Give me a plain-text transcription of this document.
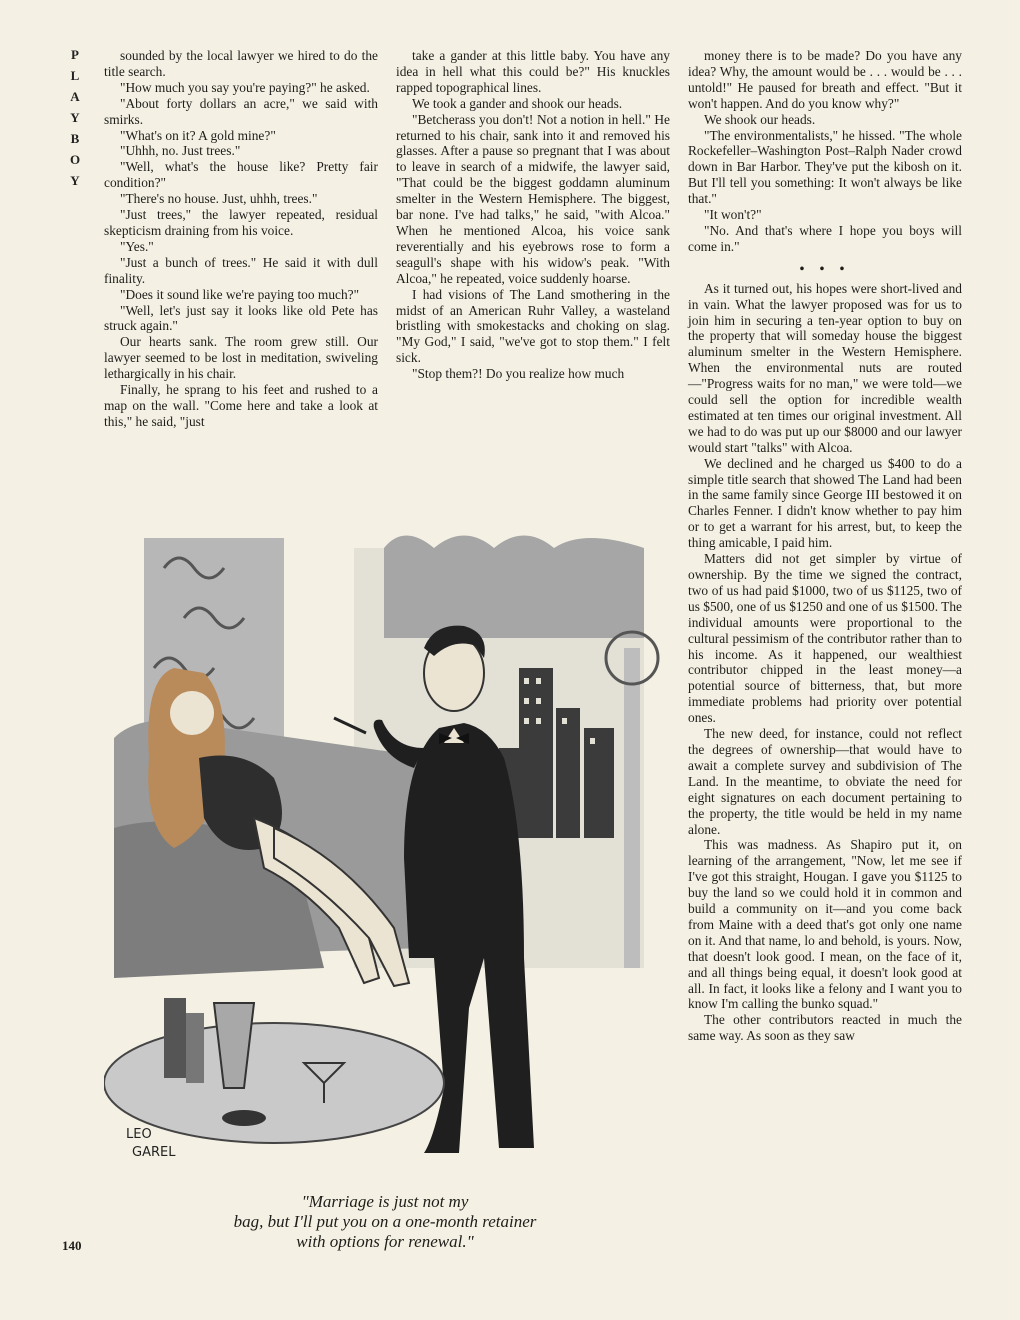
P
L
A
Y
B
O
Y

sounded by the local lawyer we hired to do the title search.

"How much you say you're paying?" he asked.

"About forty dollars an acre," we said with smirks.

"What's on it? A gold mine?"

"Uhhh, no. Just trees."

"Well, what's the house like? Pretty fair condition?"

"There's no house. Just, uhhh, trees."

"Just trees," the lawyer repeated, residual skepticism draining from his voice.

"Yes."

"Just a bunch of trees." He said it with dull finality.

"Does it sound like we're paying too much?"

"Well, let's just say it looks like old Pete has struck again."

Our hearts sank. The room grew still. Our lawyer seemed to be lost in meditation, swiveling lethargically in his chair.

Finally, he sprang to his feet and rushed to a map on the wall. "Come here and take a look at this," he said, "just

take a gander at this little baby. You have any idea in hell what this could be?" His knuckles rapped topographical lines.

We took a gander and shook our heads.

"Betcherass you don't! Not a notion in hell." He returned to his chair, sank into it and removed his glasses. After a pause so pregnant that I was about to leave in search of a midwife, the lawyer said, "That could be the biggest goddamn aluminum smelter in the Western Hemisphere. The biggest, bar none. I've had talks," he said, "with Alcoa." When he mentioned Alcoa, his voice sank reverentially and his eyebrows rose to form a seagull's shape with his widow's peak. "With Alcoa," he repeated, voice suddenly hoarse.

I had visions of The Land smothering in the midst of an American Ruhr Valley, a wasteland bristling with smokestacks and choking on slag. "My God," I said, "we've got to stop them." I felt sick.

"Stop them?! Do you realize how much

money there is to be made? Do you have any idea? Why, the amount would be . . . would be . . . untold!" He paused for breath and effect. "But it won't happen. And do you know why?"

We shook our heads.

"The environmentalists," he hissed. "The whole Rockefeller–Washington Post–Ralph Nader crowd down in Bar Harbor. They've put the kibosh on it. But I'll tell you something: It won't always be like that."

"It won't?"

"No. And that's where I hope you boys will come in."

• • •

As it turned out, his hopes were short-lived and in vain. What the lawyer proposed was for us to join him in securing a ten-year option to buy on the property that will someday house the biggest aluminum smelter in the Western Hemisphere. When the environmental nuts are routed—"Progress waits for no man," we were told—we could sell the option for incredible wealth estimated at ten times our original investment. All we had to do was put up our $8000 and our lawyer would start "talks" with Alcoa.

We declined and he charged us $400 to do a simple title search that showed The Land had been in the same family since George III bestowed it on Charles Fenner. I didn't know whether to pay him or to get a warrant for his arrest, but, to keep the thing amicable, I paid him.

Matters did not get simpler by virtue of ownership. By the time we signed the contract, two of us had paid $1000, two of us $1125, two of us $500, one of us $1250 and one of us $1500. The individual amounts were proportional to the cultural pessimism of the contributor rather than to his income. As it happened, our wealthiest contributor chipped in the least money—a potential source of bitterness, that, but more immediate problems had priority over potential ones.

The new deed, for instance, could not reflect the degrees of ownership—that would have to await a complete survey and subdivision of The Land. In the meantime, to obviate the need for eight signatures on each document pertaining to the property, the title would be held in my name alone.

This was madness. As Shapiro put it, on learning of the arrangement, "Now, let me see if I've got this straight, Hougan. I gave you $1125 to buy the land so we could hold it in common and build a community on it—and you come back from Maine with a deed that's got only one name on it. And that name, lo and behold, is yours. Now, that doesn't look good. I mean, on the face of it, and all things being equal, it doesn't look good at all. In fact, it looks like a felony and I want you to know I'm calling the bunko squad."

The other contributors reacted in much the same way. As soon as they saw

LEO
GAREL
"Marriage is just not my
bag, but I'll put you on a one-month retainer
with options for renewal."
140
